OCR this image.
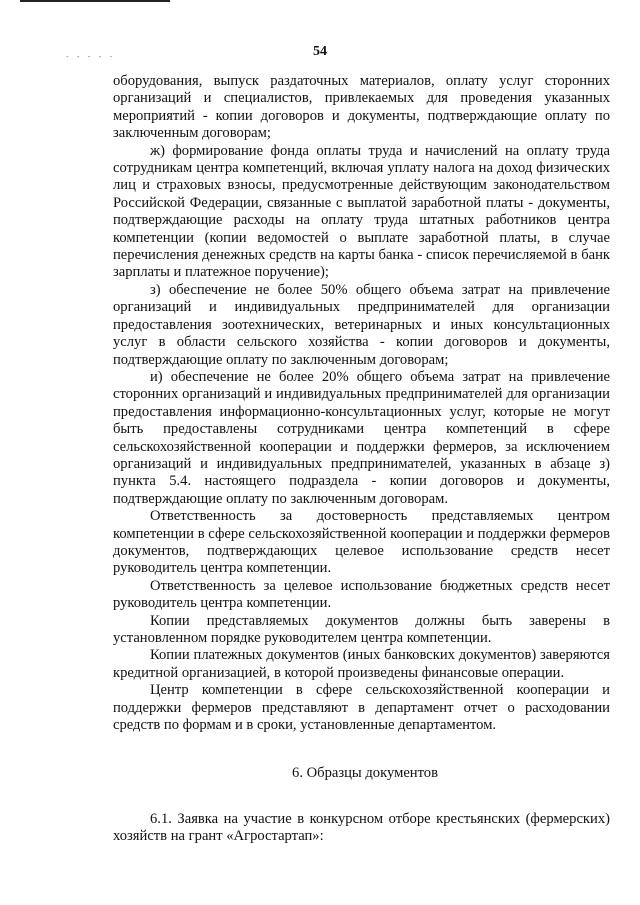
- - - - -	54

оборудования, выпуск раздаточных материалов, оплату услуг сторонних организаций и специалистов, привлекаемых для проведения указанных мероприятий - копии договоров и документы, подтверждающие оплату по заключенным договорам;

ж) формирование фонда оплаты труда и начислений на оплату труда сотрудникам центра компетенций, включая уплату налога на доход физических лиц и страховых взносы, предусмотренные действующим законодательством Российской Федерации, связанные с выплатой заработной платы - документы, подтверждающие расходы на оплату труда штатных работников центра компетенции (копии ведомостей о выплате заработной платы, в случае перечисления денежных средств на карты банка - список перечисляемой в банк зарплаты и платежное поручение);

з) обеспечение не более 50% общего объема затрат на привлечение организаций и индивидуальных предпринимателей для организации предоставления зоотехнических, ветеринарных и иных консультационных услуг в области сельского хозяйства - копии договоров и документы, подтверждающие оплату по заключенным договорам;

и) обеспечение не более 20% общего объема затрат на привлечение сторонних организаций и индивидуальных предпринимателей для организации предоставления информационно-консультационных услуг, которые не могут быть предоставлены сотрудниками центра компетенций в сфере сельскохозяйственной кооперации и поддержки фермеров, за исключением организаций и индивидуальных предпринимателей, указанных в абзаце з) пункта 5.4. настоящего подраздела - копии договоров и документы, подтверждающие оплату по заключенным договорам.

Ответственность за достоверность представляемых центром компетенции в сфере сельскохозяйственной кооперации и поддержки фермеров документов, подтверждающих целевое использование средств несет руководитель центра компетенции.

Ответственность за целевое использование бюджетных средств несет руководитель центра компетенции.

Копии представляемых документов должны быть заверены в установленном порядке руководителем центра компетенции.

Копии платежных документов (иных банковских документов) заверяются кредитной организацией, в которой произведены финансовые операции.

Центр компетенции в сфере сельскохозяйственной кооперации и поддержки фермеров представляют в департамент отчет о расходовании средств по формам и в сроки, установленные департаментом.

6. Образцы документов

6.1. Заявка на участие в конкурсном отборе крестьянских (фермерских) хозяйств на грант «Агростартап»:
